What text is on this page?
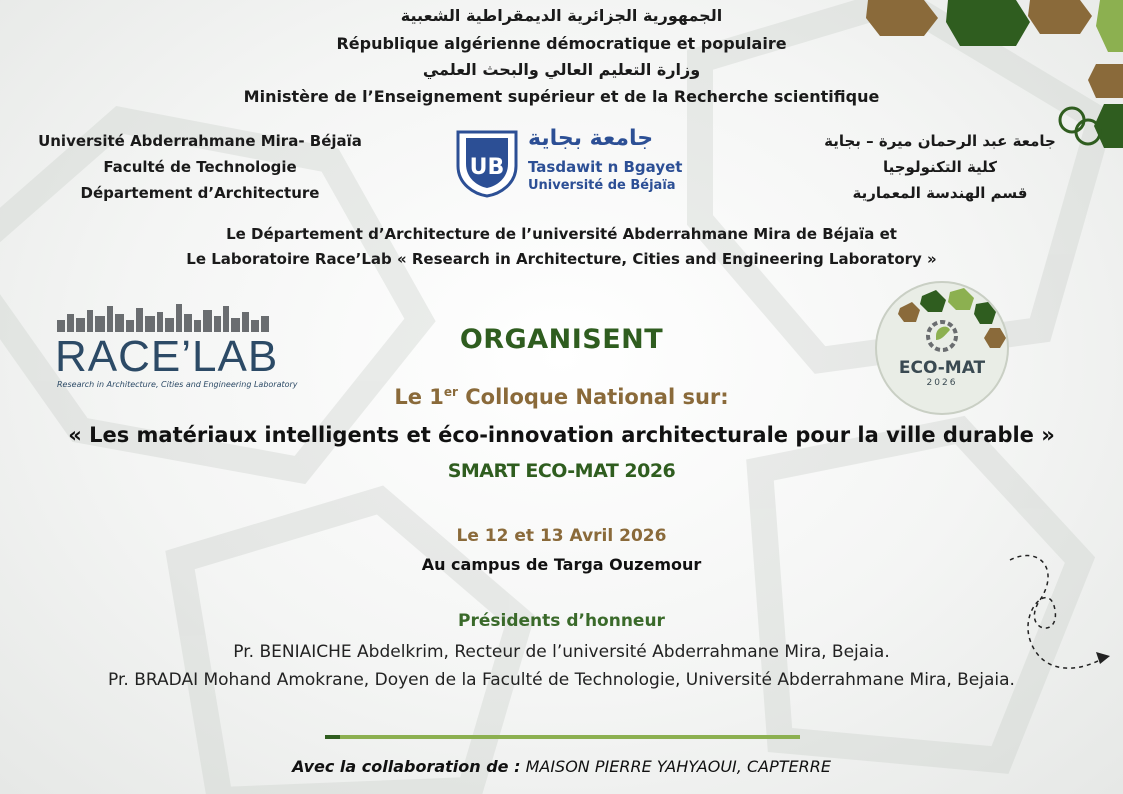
الجمهورية الجزائرية الديمقراطية الشعبية
République algérienne démocratique et populaire
وزارة التعليم العالي والبحث العلمي
Ministère de l’Enseignement supérieur et de la Recherche scientifique
Université Abderrahmane Mira- Béjaïa
Faculté de Technologie
Département d’Architecture
UB
جامعة بجاية
Tasdawit n Bgayet
Université de Béjaïa
جامعة عبد الرحمان ميرة – بجاية
كلية التكنولوجيا
قسم الهندسة المعمارية
Le Département d’Architecture de l’université Abderrahmane Mira de Béjaïa et
Le Laboratoire Race’Lab « Research in Architecture, Cities and Engineering Laboratory »
RACE’LAB
Research in Architecture, Cities and Engineering Laboratory
ECO-MAT
2026
ORGANISENT
Le 1er Colloque National sur:
« Les matériaux intelligents et éco-innovation architecturale pour la ville durable »
SMART ECO-MAT 2026
Le 12 et 13 Avril 2026
Au campus de Targa Ouzemour
Présidents d’honneur
Pr. BENIAICHE Abdelkrim, Recteur de l’université Abderrahmane Mira, Bejaia.
Pr. BRADAI Mohand Amokrane, Doyen de la Faculté de Technologie, Université Abderrahmane Mira, Bejaia.
Avec la collaboration de : MAISON PIERRE YAHYAOUI, CAPTERRE
